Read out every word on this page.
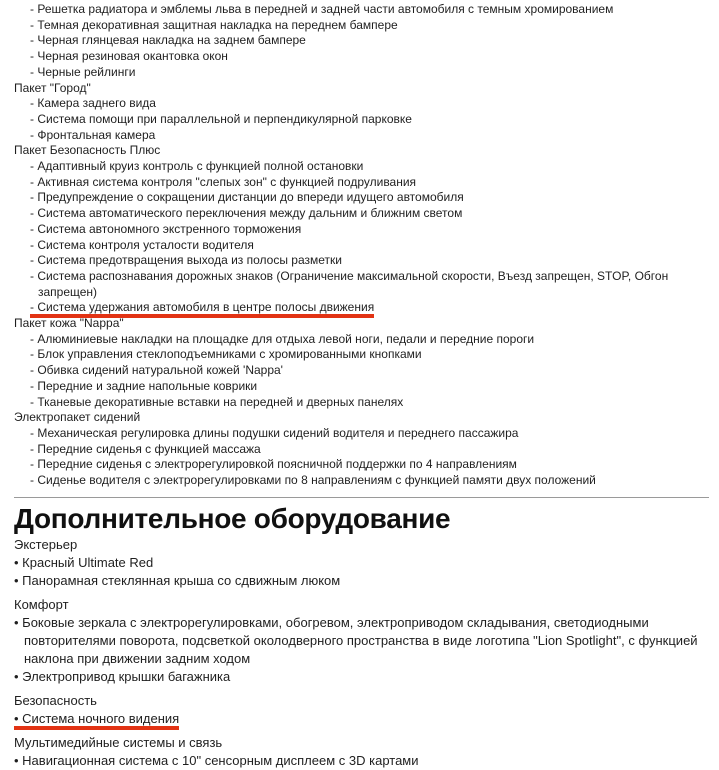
- Решетка радиатора и эмблемы льва в передней и задней части автомобиля с темным хромированием
- Темная декоративная защитная накладка на переднем бампере
- Черная глянцевая накладка на заднем бампере
- Черная резиновая окантовка окон
- Черные рейлинги
Пакет "Город"
- Камера заднего вида
- Система помощи при параллельной и перпендикулярной парковке
- Фронтальная камера
Пакет Безопасность Плюс
- Адаптивный круиз контроль с функцией полной остановки
- Активная система контроля "слепых зон" с функцией подруливания
- Предупреждение о сокращении дистанции до впереди идущего автомобиля
- Система автоматического переключения между дальним и ближним светом
- Система автономного экстренного торможения
- Система контроля усталости водителя
- Система предотвращения выхода из полосы разметки
- Система распознавания дорожных знаков (Ограничение максимальной скорости, Въезд запрещен, STOP, Обгон запрещен)
- Система удержания автомобиля в центре полосы движения
Пакет кожа "Nappa"
- Алюминиевые накладки на площадке для отдыха левой ноги, педали и передние пороги
- Блок управления стеклоподъемниками с хромированными кнопками
- Обивка сидений натуральной кожей 'Nappa'
- Передние и задние напольные коврики
- Тканевые декоративные вставки на передней и дверных панелях
Электропакет сидений
- Механическая регулировка длины подушки сидений водителя и переднего пассажира
- Передние сиденья с функцией массажа
- Передние сиденья с электрорегулировкой поясничной поддержки по 4 направлениям
- Сиденье водителя с электрорегулировками по 8 направлениям с функцией памяти двух положений
Дополнительное оборудование
Экстерьер
• Красный Ultimate Red
• Панорамная стеклянная крыша со сдвижным люком
Комфорт
• Боковые зеркала с электрорегулировками, обогревом, электроприводом складывания, светодиодными повторителями поворота, подсветкой околодверного пространства в виде логотипа "Lion Spotlight", с функцией наклона при движении задним ходом
• Электропривод крышки багажника
Безопасность
• Система ночного видения
Мультимедийные системы и связь
• Навигационная система с 10" сенсорным дисплеем с 3D картами
